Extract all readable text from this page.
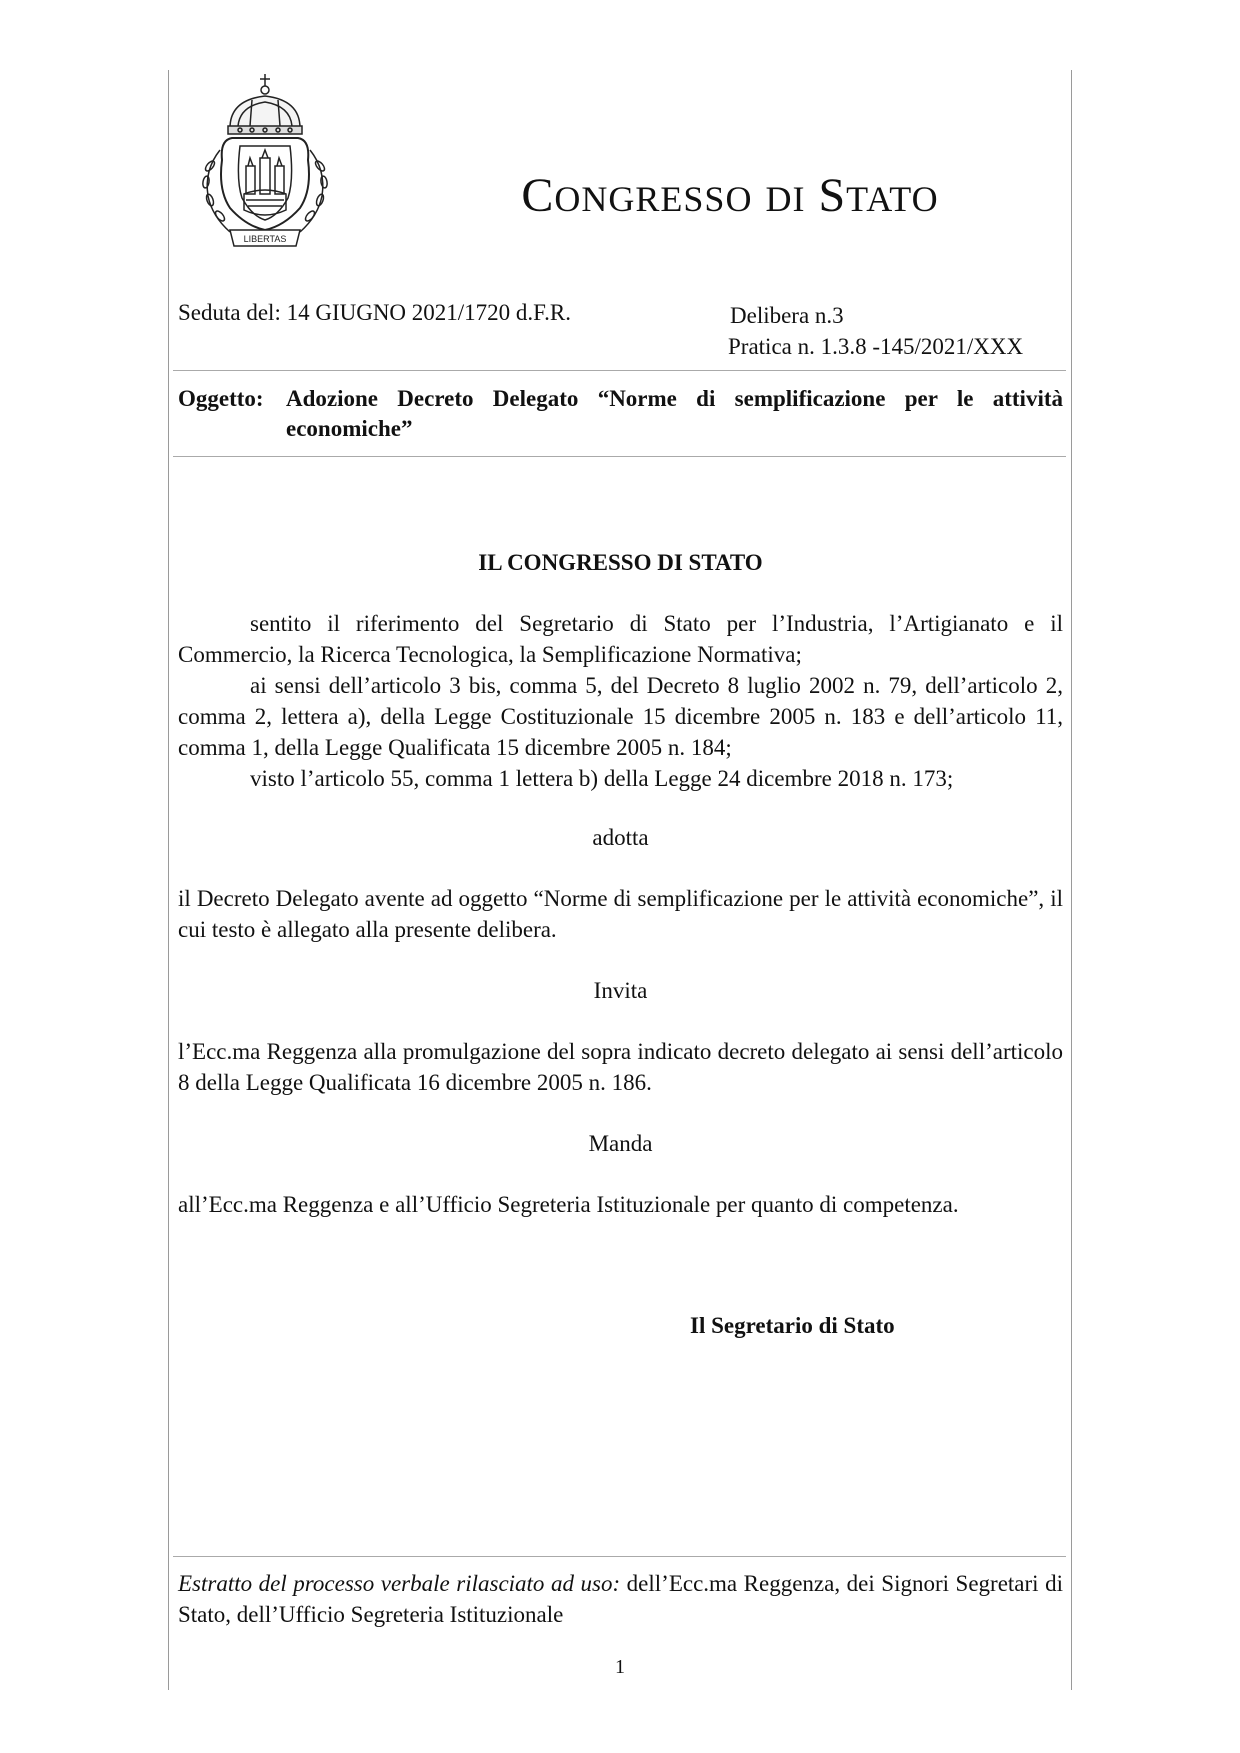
LIBERTAS
CONGRESSO DI STATO
Seduta del: 14 GIUGNO 2021/1720 d.F.R.	Delibera n.3
Pratica n. 1.3.8 -145/2021/XXX
Oggetto: Adozione Decreto Delegato “Norme di semplificazione per le attività economiche”
IL CONGRESSO DI STATO
sentito il riferimento del Segretario di Stato per l’Industria, l’Artigianato e il Commercio, la Ricerca Tecnologica, la Semplificazione Normativa;
ai sensi dell’articolo 3 bis, comma 5, del Decreto 8 luglio 2002 n. 79, dell’articolo 2, comma 2, lettera a), della Legge Costituzionale 15 dicembre 2005 n. 183 e dell’articolo 11, comma 1, della Legge Qualificata 15 dicembre 2005 n. 184;
visto l’articolo 55, comma 1 lettera b) della Legge 24 dicembre 2018 n. 173;
adotta
il Decreto Delegato avente ad oggetto “Norme di semplificazione per le attività economiche”, il cui testo è allegato alla presente delibera.
Invita
l’Ecc.ma Reggenza alla promulgazione del sopra indicato decreto delegato ai sensi dell’articolo 8 della Legge Qualificata 16 dicembre 2005 n. 186.
Manda
all’Ecc.ma Reggenza e all’Ufficio Segreteria Istituzionale per quanto di competenza.
Il Segretario di Stato
Estratto del processo verbale rilasciato ad uso: dell’Ecc.ma Reggenza, dei Signori Segretari di Stato, dell’Ufficio Segreteria Istituzionale
1
